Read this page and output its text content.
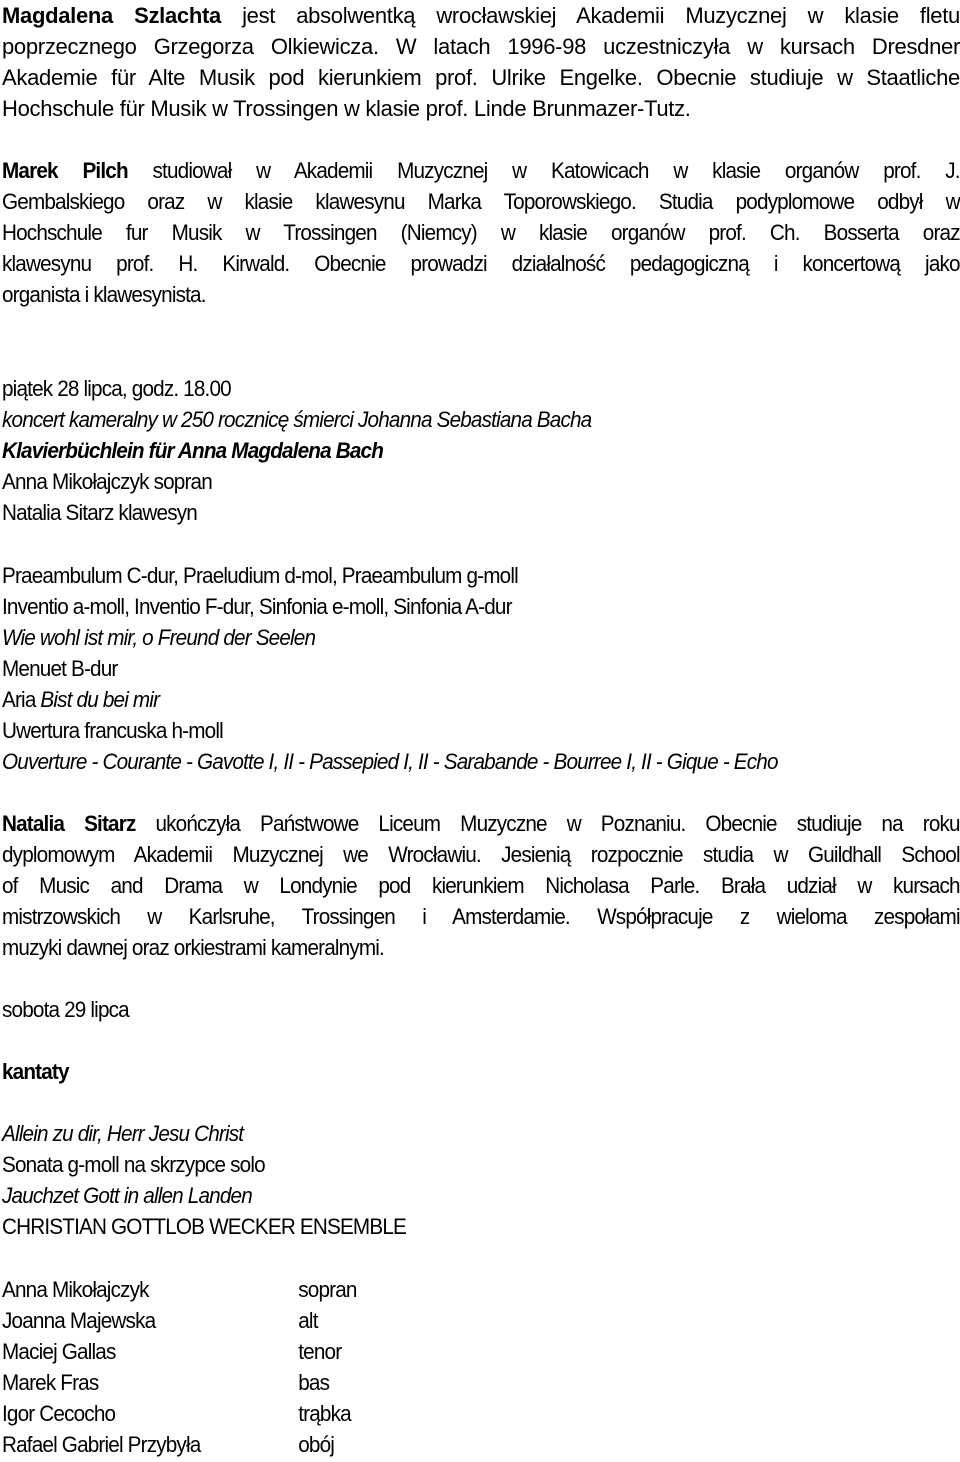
Magdalena Szlachta jest absolwentką wrocławskiej Akademii Muzycznej w klasie fletu
poprzecznego Grzegorza Olkiewicza. W latach 1996-98 uczestniczyła w kursach Dresdner
Akademie für Alte Musik pod kierunkiem prof. Ulrike Engelke. Obecnie studiuje w Staatliche
Hochschule für Musik w Trossingen w klasie prof. Linde Brunmazer-Tutz.
Marek Pilch studiował w Akademii Muzycznej w Katowicach w klasie organów prof. J.
Gembalskiego oraz w klasie klawesynu Marka Toporowskiego. Studia podyplomowe odbył w
Hochschule fur Musik w Trossingen (Niemcy) w klasie organów prof. Ch. Bosserta oraz
klawesynu prof. H. Kirwald. Obecnie prowadzi działalność pedagogiczną i koncertową jako
organista i klawesynista.
piątek 28 lipca, godz. 18.00
koncert kameralny w 250 rocznicę śmierci Johanna Sebastiana Bacha
Klavierbüchlein für Anna Magdalena Bach
Anna Mikołajczyk sopran
Natalia Sitarz klawesyn
Praeambulum C-dur, Praeludium d-mol, Praeambulum g-moll
Inventio a-moll, Inventio F-dur, Sinfonia e-moll, Sinfonia A-dur
Wie wohl ist mir, o Freund der Seelen
Menuet B-dur
Aria Bist du bei mir
Uwertura francuska h-moll
Ouverture - Courante - Gavotte I, II - Passepied I, II - Sarabande - Bourree I, II - Gique - Echo
Natalia Sitarz ukończyła Państwowe Liceum Muzyczne w Poznaniu. Obecnie studiuje na roku
dyplomowym Akademii Muzycznej we Wrocławiu. Jesienią rozpocznie studia w Guildhall School
of Music and Drama w Londynie pod kierunkiem Nicholasa Parle. Brała udział w kursach
mistrzowskich w Karlsruhe, Trossingen i Amsterdamie. Współpracuje z wieloma zespołami
muzyki dawnej oraz orkiestrami kameralnymi.
sobota 29 lipca
kantaty
Allein zu dir, Herr Jesu Christ
Sonata g-moll na skrzypce solo
Jauchzet Gott in allen Landen
CHRISTIAN GOTTLOB WECKER ENSEMBLE
Anna Mikołajczyk	sopran
Joanna Majewska	alt
Maciej Gallas	tenor
Marek Fras	bas
Igor Cecocho	trąbka
Rafael Gabriel Przybyła	obój
